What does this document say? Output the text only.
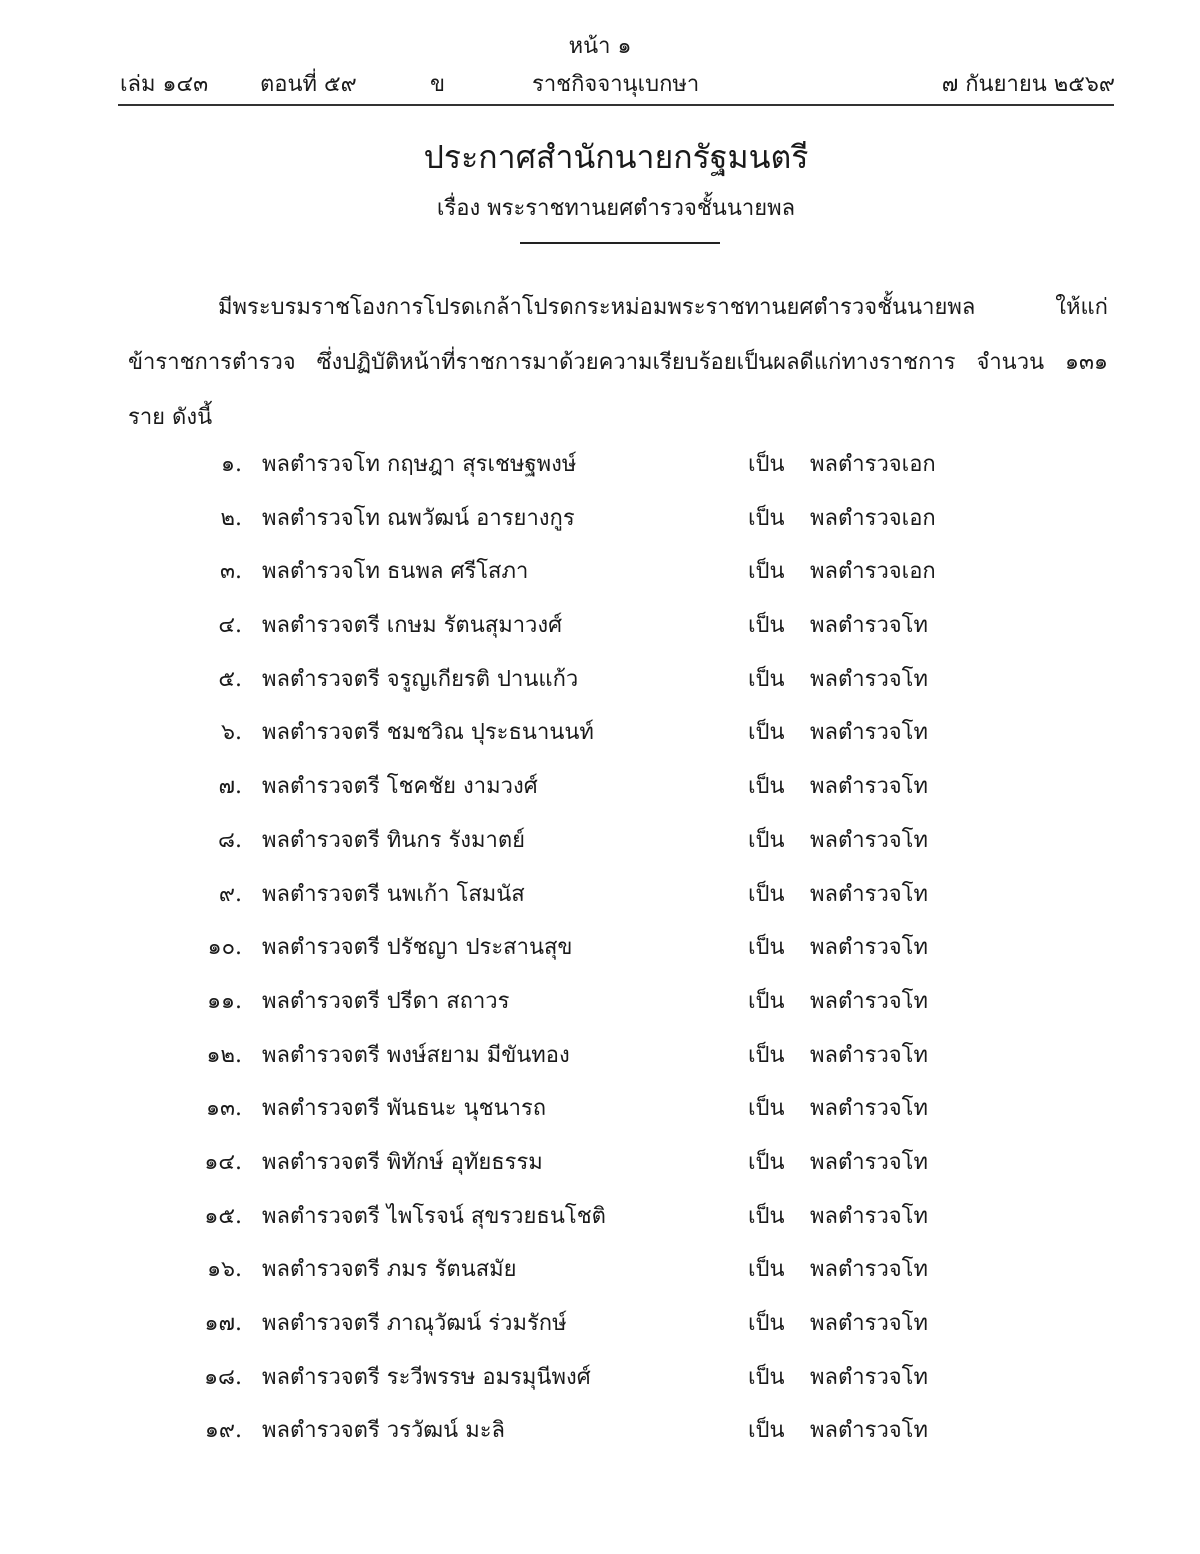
หน้า ๑
เล่ม ๑๔๓ ตอนที่ ๕๙	ข	ราชกิจจานุเบกษา	๗ กันยายน ๒๕๖๙
ประกาศสำนักนายกรัฐมนตรี
เรื่อง พระราชทานยศตำรวจชั้นนายพล

มีพระบรมราชโองการโปรดเกล้าโปรดกระหม่อมพระราชทานยศตำรวจชั้นนายพล ให้แก่ข้าราชการตำรวจ ซึ่งปฏิบัติหน้าที่ราชการมาด้วยความเรียบร้อยเป็นผลดีแก่ทางราชการ จำนวน ๑๓๑ ราย ดังนี้

๑. พลตำรวจโท กฤษฎา สุรเชษฐพงษ์	เป็น พลตำรวจเอก
๒. พลตำรวจโท ณพวัฒน์ อารยางกูร	เป็น พลตำรวจเอก
๓. พลตำรวจโท ธนพล ศรีโสภา	เป็น พลตำรวจเอก
๔. พลตำรวจตรี เกษม รัตนสุมาวงศ์	เป็น พลตำรวจโท
๕. พลตำรวจตรี จรูญเกียรติ ปานแก้ว	เป็น พลตำรวจโท
๖. พลตำรวจตรี ชมชวิณ ปุระธนานนท์	เป็น พลตำรวจโท
๗. พลตำรวจตรี โชคชัย งามวงศ์	เป็น พลตำรวจโท
๘. พลตำรวจตรี ทินกร รังมาตย์	เป็น พลตำรวจโท
๙. พลตำรวจตรี นพเก้า โสมนัส	เป็น พลตำรวจโท
๑๐. พลตำรวจตรี ปรัชญา ประสานสุข	เป็น พลตำรวจโท
๑๑. พลตำรวจตรี ปรีดา สถาวร	เป็น พลตำรวจโท
๑๒. พลตำรวจตรี พงษ์สยาม มีขันทอง	เป็น พลตำรวจโท
๑๓. พลตำรวจตรี พันธนะ นุชนารถ	เป็น พลตำรวจโท
๑๔. พลตำรวจตรี พิทักษ์ อุทัยธรรม	เป็น พลตำรวจโท
๑๕. พลตำรวจตรี ไพโรจน์ สุขรวยธนโชติ	เป็น พลตำรวจโท
๑๖. พลตำรวจตรี ภมร รัตนสมัย	เป็น พลตำรวจโท
๑๗. พลตำรวจตรี ภาณุวัฒน์ ร่วมรักษ์	เป็น พลตำรวจโท
๑๘. พลตำรวจตรี ระวีพรรษ อมรมุนีพงศ์	เป็น พลตำรวจโท
๑๙. พลตำรวจตรี วรวัฒน์ มะลิ	เป็น พลตำรวจโท
